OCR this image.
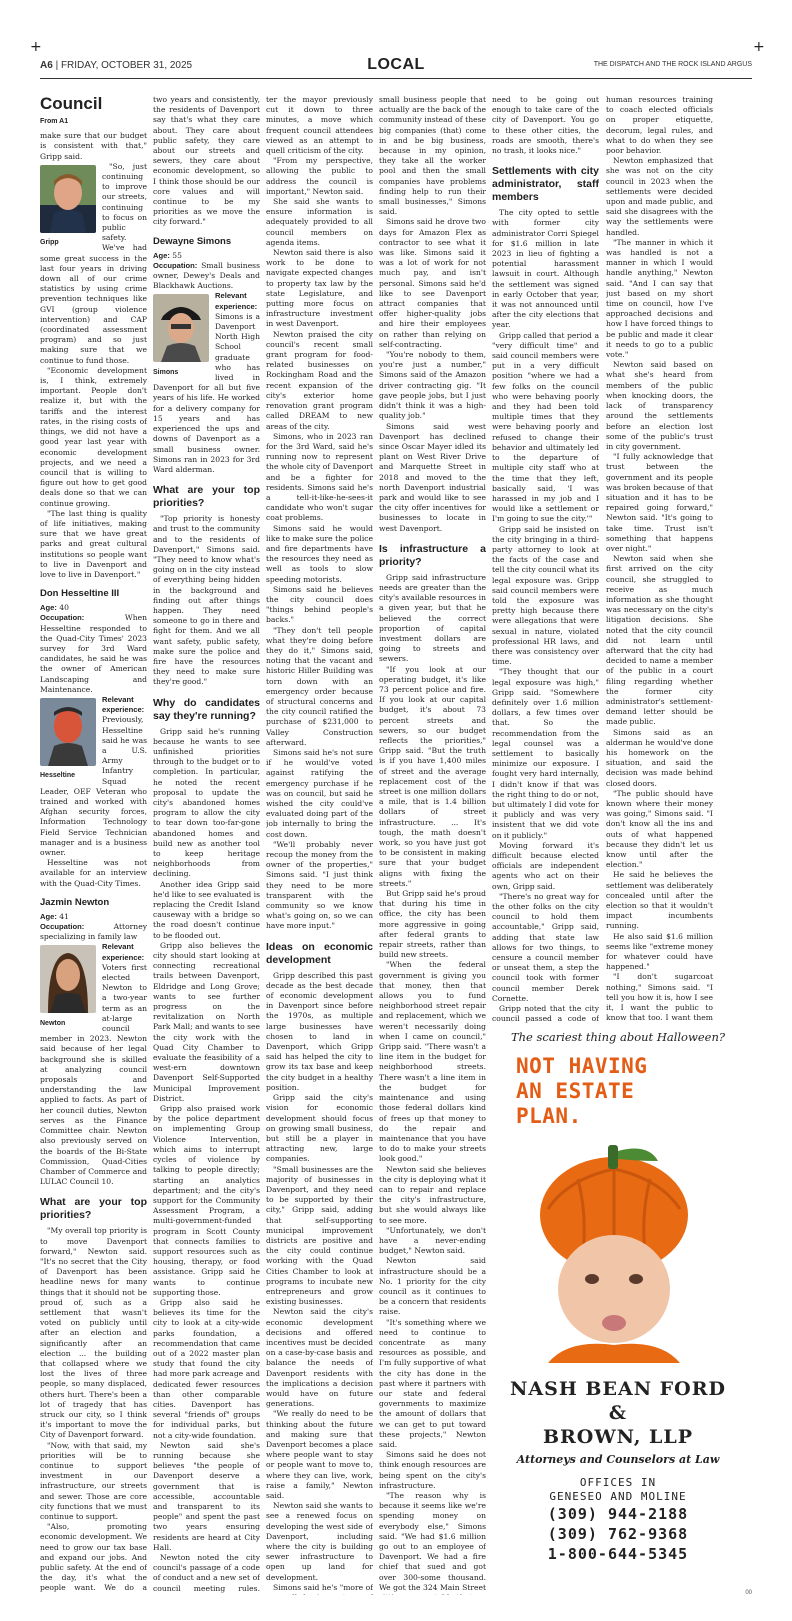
+	+
A6 | FRIDAY, OCTOBER 31, 2025	LOCAL	THE DISPATCH AND THE ROCK ISLAND ARGUS
Council
From A1

make sure that our budget is consistent with that," Gripp said.

Gripp

"So, just continuing to improve our streets, continuing to focus on public safety. We've had some great success in the last four years in driving down all of our crime statistics by using crime prevention techniques like GVI (group violence intervention) and CAP (coordinated assessment program) and so just making sure that we continue to fund those.

"Economic development is, I think, extremely important. People don't realize it, but with the tariffs and the interest rates, in the rising costs of things, we did not have a good year last year with economic development projects, and we need a council that is willing to figure out how to get good deals done so that we can continue growing.

"The last thing is quality of life initiatives, making sure that we have great parks and great cultural institutions so people want to live in Davenport and love to live in Davenport."

Don Hesseltine III

Age: 40

Occupation:	When Hesseltine responded to the Quad-City Times' 2023 survey for 3rd Ward candidates, he said he was the owner of American Landscaping and Maintenance.

Hesseltine

Relevant experience: Previously, Hesseltine said he was a U.S. Army Infantry Squad Leader, OEF Veteran who trained and worked with Afghan security forces, Information Technology Field Service Technician manager and is a business owner.

Hesseltine was not available for an interview with the Quad-City Times.

Jazmin Newton

Age: 41

Occupation:	Attorney specializing in family law

Newton

Relevant experience: Voters first elected Newton to a two-year term as an at-large council member in 2023. Newton said because of her legal background she is skilled at analyzing council proposals and understanding the law applied to facts. As part of her council duties, Newton serves as the Finance Committee chair. Newton also previously served on the boards of the Bi-State Commission, Quad-Cities Chamber of Commerce and LULAC Council 10.

What are your top priorities?

"My overall top priority is to move Davenport forward," Newton said. "It's no secret that the City of Davenport has been headline news for many things that it should not be proud of, such as a settlement that wasn't voted on publicly until after an election and significantly after an election ... the building that collapsed where we lost the lives of three people, so many displaced, others hurt. There's been a lot of tragedy that has struck our city, so I think it's important to move the City of Davenport forward.

"Now, with that said, my priorities will be to continue to support investment in our infrastructure, our streets and sewer. Those are core city functions that we must continue to support.

"Also, promoting economic development. We need to grow our tax base and expand our jobs. And public safety. At the end of the day, it's what the people want. We do a

two years and consistently, the residents of Davenport say that's what they care about. They care about public safety, they care about our streets and sewers, they care about economic development, so I think those should be our core values and will continue to be my priorities as we move the city forward."

Dewayne Simons

Age: 55

Occupation: Small business owner, Dewey's Deals and Blackhawk Auctions.

Simons

Relevant experience: Simons is a Davenport North High School graduate who has lived in Davenport for all but five years of his life. He worked for a delivery company for 15 years and has experienced the ups and downs of Davenport as a small business owner. Simons ran in 2023 for 3rd Ward alderman.

What are your top priorities?

"Top priority is honesty and trust to the community and to the residents of Davenport," Simons said. "They need to know what's going on in the city instead of everything being hidden in the background and finding out after things happen. They need someone to go in there and fight for them. And we all want safety, public safety, make sure the police and fire have the resources they need to make sure they're good."

Why do candidates say they're running?

Gripp said he's running because he wants to see unfinished priorities through to the budget or to completion. In particular, he noted the recent proposal to update the city's abandoned homes program to allow the city to tear down too-far-gone abandoned homes and build new as another tool to keep heritage neighborhoods from declining.

Another idea Gripp said he'd like to see evaluated is replacing the Credit Island causeway with a bridge so the road doesn't continue to be flooded out.

Gripp also believes the city should start looking at connecting recreational trails between Davenport, Eldridge and Long Grove; wants to see further progress on the revitalization on North Park Mall; and wants to see the city work with the Quad City Chamber to evaluate the feasibility of a west-ern downtown Davenport Self-Supported Municipal Improvement District.

Gripp also praised work by the police department on implementing Group Violence Intervention, which aims to interrupt cycles of violence by talking to people directly; starting an analytics department; and the city's support for the Community Assessment Program, a multi-government-funded program in Scott County that connects families to support resources such as housing, therapy, or food assistance. Gripp said he wants to continue supporting those.

Gripp also said he believes its time for the city to look at a city-wide parks foundation, a recommendation that came out of a 2022 master plan study that found the city had more park acreage and dedicated fewer resources than other comparable cities. Davenport has several "friends of" groups for individual parks, but not a city-wide foundation.

Newton said she's running because she believes "the people of Davenport deserve a government that is accessible, accountable and transparent to its people" and spent the past two years ensuring residents are heard at City Hall.

Newton noted the city council's passage of a code of conduct and a new set of council meeting rules.

ter the mayor previously cut it down to three minutes, a move which frequent council attendees viewed as an attempt to quell criticism of the city.

"From my perspective, allowing the public to address the council is important," Newton said.

She said she wants to ensure information is adequately provided to all council members on agenda items.

Newton said there is also work to be done to navigate expected changes to property tax law by the state Legislature, and putting more focus on infrastructure investment in west Davenport.

Newton praised the city council's recent small grant program for food-related businesses on Rockingham Road and the recent expansion of the city's exterior home renovation grant program called DREAM to new areas of the city.

Simons, who in 2023 ran for the 3rd Ward, said he's running now to represent the whole city of Davenport and be a fighter for residents. Simons said he's a tell-it-like-he-sees-it candidate who won't sugar coat problems.

Simons said he would like to make sure the police and fire departments have the resources they need as well as tools to slow speeding motorists.

Simons said he believes the city council does "things behind people's backs."

"They don't tell people what they're doing before they do it," Simons said, noting that the vacant and historic Hiller Building was torn down with an emergency order because of structural concerns and the city council ratified the purchase of $231,000 to Valley Construction afterward.

Simons said he's not sure if he would've voted against ratifying the emergency purchase if he was on council, but said he wished the city could've evaluated doing part of the job internally to bring the cost down.

"We'll probably never recoup the money from the owner of the properties," Simons said. "I just think they need to be more transparent with the community so we know what's going on, so we can have more input."

Ideas on economic development

Gripp described this past decade as the best decade of economic development in Davenport since before the 1970s, as multiple large businesses have chosen to land in Davenport, which Gripp said has helped the city to grow its tax base and keep the city budget in a healthy position.

Gripp said the city's vision for economic development should focus on growing small business, but still be a player in attracting new, large companies.

"Small businesses are the majority of businesses in Davenport, and they need to be supported by their city," Gripp said, adding that self-supporting municipal improvement districts are positive and the city could continue working with the Quad Cities Chamber to look at programs to incubate new entrepreneurs and grow existing businesses.

Newton said the city's economic development decisions and offered incentives must be decided on a case-by-case basis and balance the needs of Davenport residents with the implications a decision would have on future generations.

"We really do need to be thinking about the future and making sure that Davenport becomes a place where people want to stay or people want to move to, where they can live, work, raise a family," Newton said.

Newton said she wants to see a renewed focus on developing the west side of Davenport, including where the city is building sewer infrastructure to open up land for development.

Simons said he's "more of

small business people that actually are the back of the community instead of these big companies (that) come in and be big business, because in my opinion, they take all the worker pool and then the small companies have problems finding help to run their small businesses," Simons said.

Simons said he drove two days for Amazon Flex as contractor to see what it was like. Simons said it was a lot of work for not much pay, and isn't personal. Simons said he'd like to see Davenport attract companies that offer higher-quality jobs and hire their employees on rather than relying on self-contracting.

"You're nobody to them, you're just a number," Simons said of the Amazon driver contracting gig. "It gave people jobs, but I just didn't think it was a high-quality job."

Simons said west Davenport has declined since Oscar Mayer idled its plant on West River Drive and Marquette Street in 2018 and moved to the north Davenport industrial park and would like to see the city offer incentives for businesses to locate in west Davenport.

Is infrastructure a priority?

Gripp said infrastructure needs are greater than the city's available resources in a given year, but that he believed the correct proportion of capital investment dollars are going to streets and sewers.

"If you look at our operating budget, it's like 73 percent police and fire. If you look at our capital budget, it's about 73 percent streets and sewers, so our budget reflects the priorities," Gripp said. "But the truth is if you have 1,400 miles of street and the average replacement cost of the street is one million dollars a mile, that is 1.4 billion dollars of street infrastructure. ... It's tough, the math doesn't work, so you have just got to be consistent in making sure that your budget aligns with fixing the streets."

But Gripp said he's proud that during his time in office, the city has been more aggressive in going after federal grants to repair streets, rather than build new streets.

"When the federal government is giving you that money, then that allows you to fund neighborhood street repair and replacement, which we weren't necessarily doing when I came on council," Gripp said. "There wasn't a line item in the budget for neighborhood streets. There wasn't a line item in the budget for maintenance and using those federal dollars kind of frees up that money to do the repair and maintenance that you have to do to make your streets look good."

Newton said she believes the city is deploying what it can to repair and replace the city's infrastructure, but she would always like to see more.

"Unfortunately, we don't have a never-ending budget," Newton said.

Newton said infrastructure should be a No. 1 priority for the city council as it continues to be a concern that residents raise.

"It's something where we need to continue to concentrate as many resources as possible, and I'm fully supportive of what the city has done in the past where it partners with our state and federal governments to maximize the amount of dollars that we can get to put toward these projects," Newton said.

Simons said he does not think enough resources are being spent on the city's infrastructure.

"The reason why is because it seems like we're spending money on everybody else," Simons said. "We had $1.6 million go out to an employee of Davenport. We had a fire chief that sued and got over 300-some thousand. We got the 324 Main Street

need to be going out enough to take care of the city of Davenport. You go to these other cities, the roads are smooth, there's no trash, it looks nice."

Settlements with city administrator, staff members

The city opted to settle with former city administrator Corri Spiegel for $1.6 million in late 2023 in lieu of fighting a potential harassment lawsuit in court. Although the settlement was signed in early October that year, it was not announced until after the city elections that year.

Gripp called that period a "very difficult time" and said council members were put in a very difficult position "where we had a few folks on the council who were behaving poorly and they had been told multiple times that they were behaving poorly and refused to change their behavior and ultimately led to the departure of multiple city staff who at the time that they left, basically said, 'I was harassed in my job and I would like a settlement or I'm going to sue the city.'"

Gripp said he insisted on the city bringing in a third-party attorney to look at the facts of the case and tell the city council what its legal exposure was. Gripp said council members were told the exposure was pretty high because there were allegations that were sexual in nature, violated professional HR laws, and there was consistency over time.

"They thought that our legal exposure was high," Gripp said. "Somewhere definitely over 1.6 million dollars, a few times over that. So the recommendation from the legal counsel was a settlement to basically minimize our exposure. I fought very hard internally, I didn't know if that was the right thing to do or not, but ultimately I did vote for it publicly and was very insistent that we did vote on it publicly."

Moving forward it's difficult because elected officials are independent agents who act on their own, Gripp said.

"There's no great way for the other folks on the city council to hold them accountable," Gripp said, adding that state law allows for two things, to censure a council member or unseat them, a step the council took with former council member Derek Cornette.

Gripp noted that the city council passed a code of

human resources training to coach elected officials on proper etiquette, decorum, legal rules, and what to do when they see poor behavior.

Newton emphasized that she was not on the city council in 2023 when the settlements were decided upon and made public, and said she disagrees with the way the settlements were handled.

"The manner in which it was handled is not a manner in which I would handle anything," Newton said. "And I can say that just based on my short time on council, how I've approached decisions and how I have forced things to be public and made it clear it needs to go to a public vote."

Newton said based on what she's heard from members of the public when knocking doors, the lack of transparency around the settlements before an election lost some of the public's trust in city government.

"I fully acknowledge that trust between the government and its people was broken because of that situation and it has to be repaired going forward," Newton said. "It's going to take time. Trust isn't something that happens over night."

Newton said when she first arrived on the city council, she struggled to receive as much information as she thought was necessary on the city's litigation decisions. She noted that the city council did not learn until afterward that the city had decided to name a member of the public in a court filing regarding whether the former city administrator's settlement-demand letter should be made public.

Simons said as an alderman he would've done his homework on the situation, and said the decision was made behind closed doors.

"The public should have known where their money was going," Simons said. "I don't know all the ins and outs of what happened because they didn't let us know until after the election."

He said he believes the settlement was deliberately concealed until after the election so that it wouldn't impact incumbents running.

He also said $1.6 million seems like "extreme money for whatever could have happened."

"I don't sugarcoat nothing," Simons said. "I tell you how it is, how I see it, I want the public to know that too. I want them

The scariest thing about Halloween?
NOT HAVING
AN ESTATE
PLAN.
NASH BEAN FORD &
BROWN, LLP
Attorneys and Counselors at Law
OFFICES IN
GENESEO AND MOLINE
(309) 944-2188
(309) 762-9368
1-800-644-5345
00
